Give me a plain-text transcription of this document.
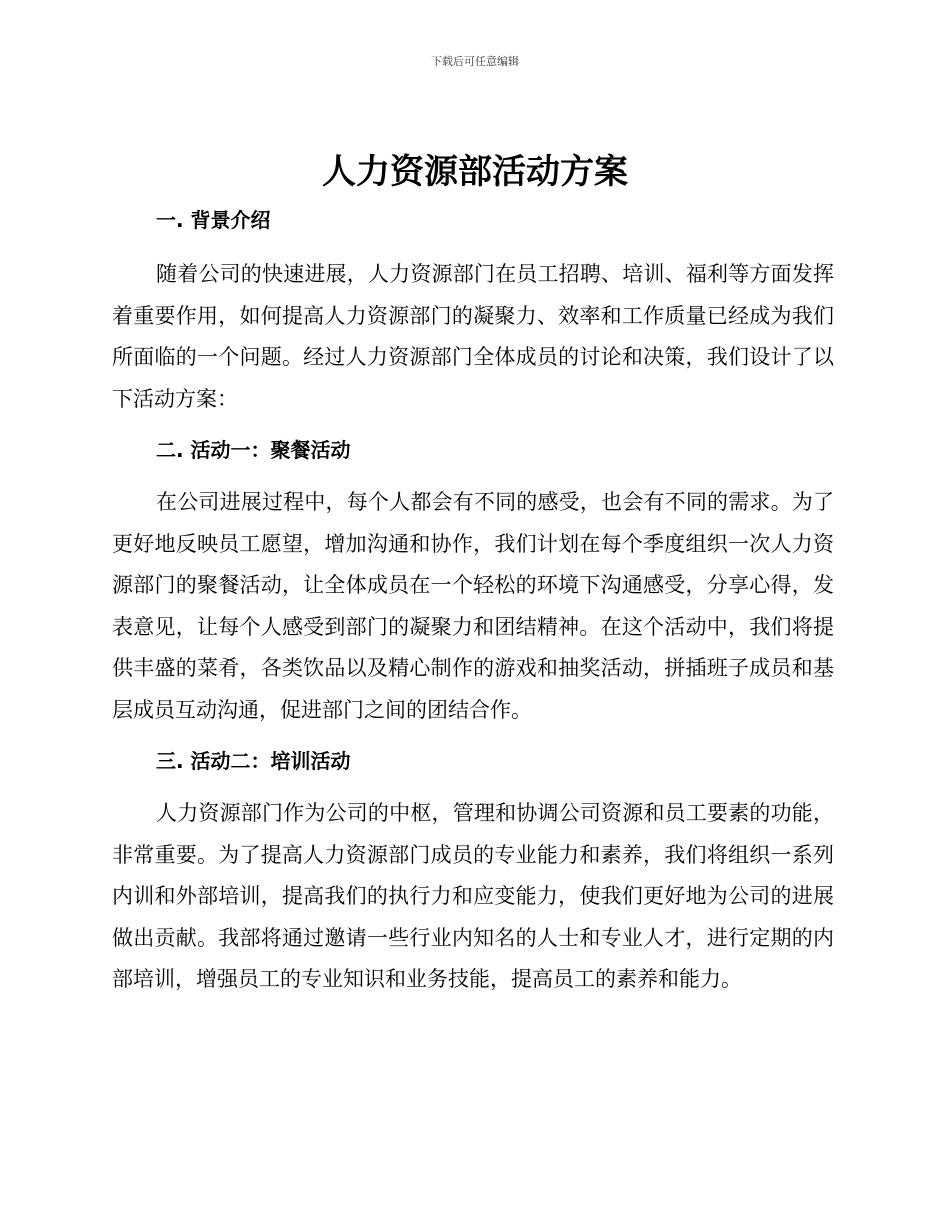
下载后可任意编辑
人力资源部活动方案
一. 背景介绍

随着公司的快速进展，人力资源部门在员工招聘、培训、福利等方面发挥着重要作用，如何提高人力资源部门的凝聚力、效率和工作质量已经成为我们所面临的一个问题。经过人力资源部门全体成员的讨论和决策，我们设计了以下活动方案：

二. 活动一：聚餐活动

在公司进展过程中，每个人都会有不同的感受，也会有不同的需求。为了更好地反映员工愿望，增加沟通和协作，我们计划在每个季度组织一次人力资源部门的聚餐活动，让全体成员在一个轻松的环境下沟通感受，分享心得，发表意见，让每个人感受到部门的凝聚力和团结精神。在这个活动中，我们将提供丰盛的菜肴，各类饮品以及精心制作的游戏和抽奖活动，拼插班子成员和基层成员互动沟通，促进部门之间的团结合作。

三. 活动二：培训活动

人力资源部门作为公司的中枢，管理和协调公司资源和员工要素的功能，非常重要。为了提高人力资源部门成员的专业能力和素养，我们将组织一系列内训和外部培训，提高我们的执行力和应变能力，使我们更好地为公司的进展做出贡献。我部将通过邀请一些行业内知名的人士和专业人才，进行定期的内部培训，增强员工的专业知识和业务技能，提高员工的素养和能力。
